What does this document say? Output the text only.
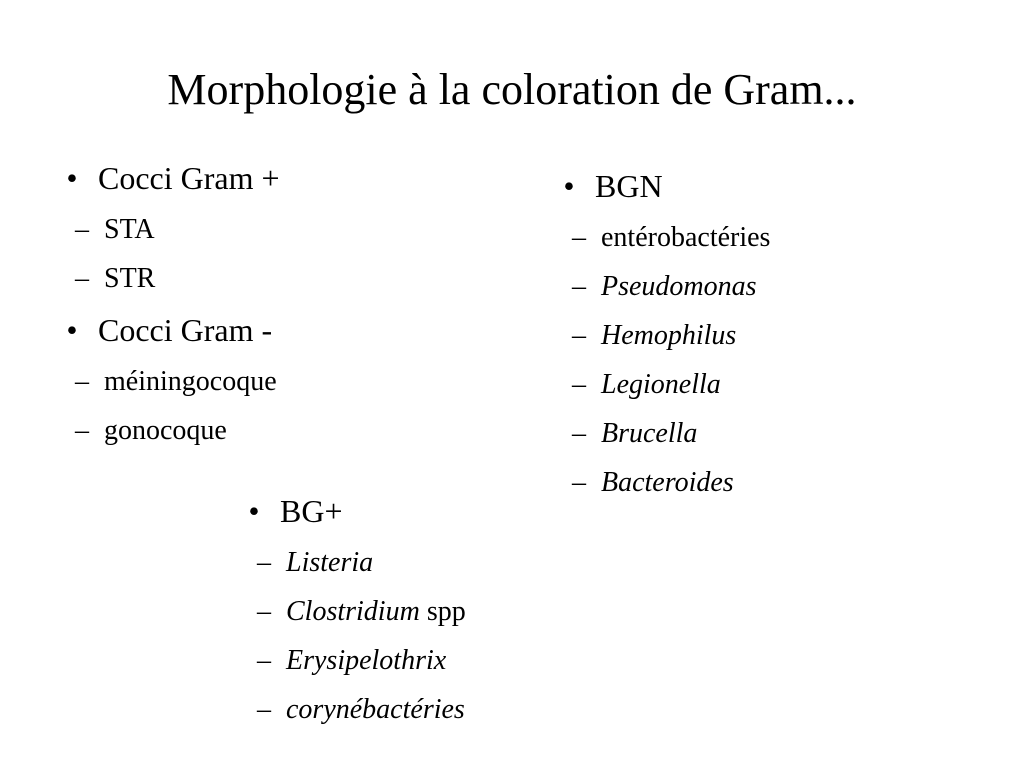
Morphologie à la coloration de Gram...
• Cocci Gram +
– STA
– STR
• Cocci Gram -
– méiningocoque
– gonocoque
• BGN
– entérobactéries
– Pseudomonas
– Hemophilus
– Legionella
– Brucella
– Bacteroides
• BG+
– Listeria
– Clostridium spp
– Erysipelothrix
– corynébactéries
